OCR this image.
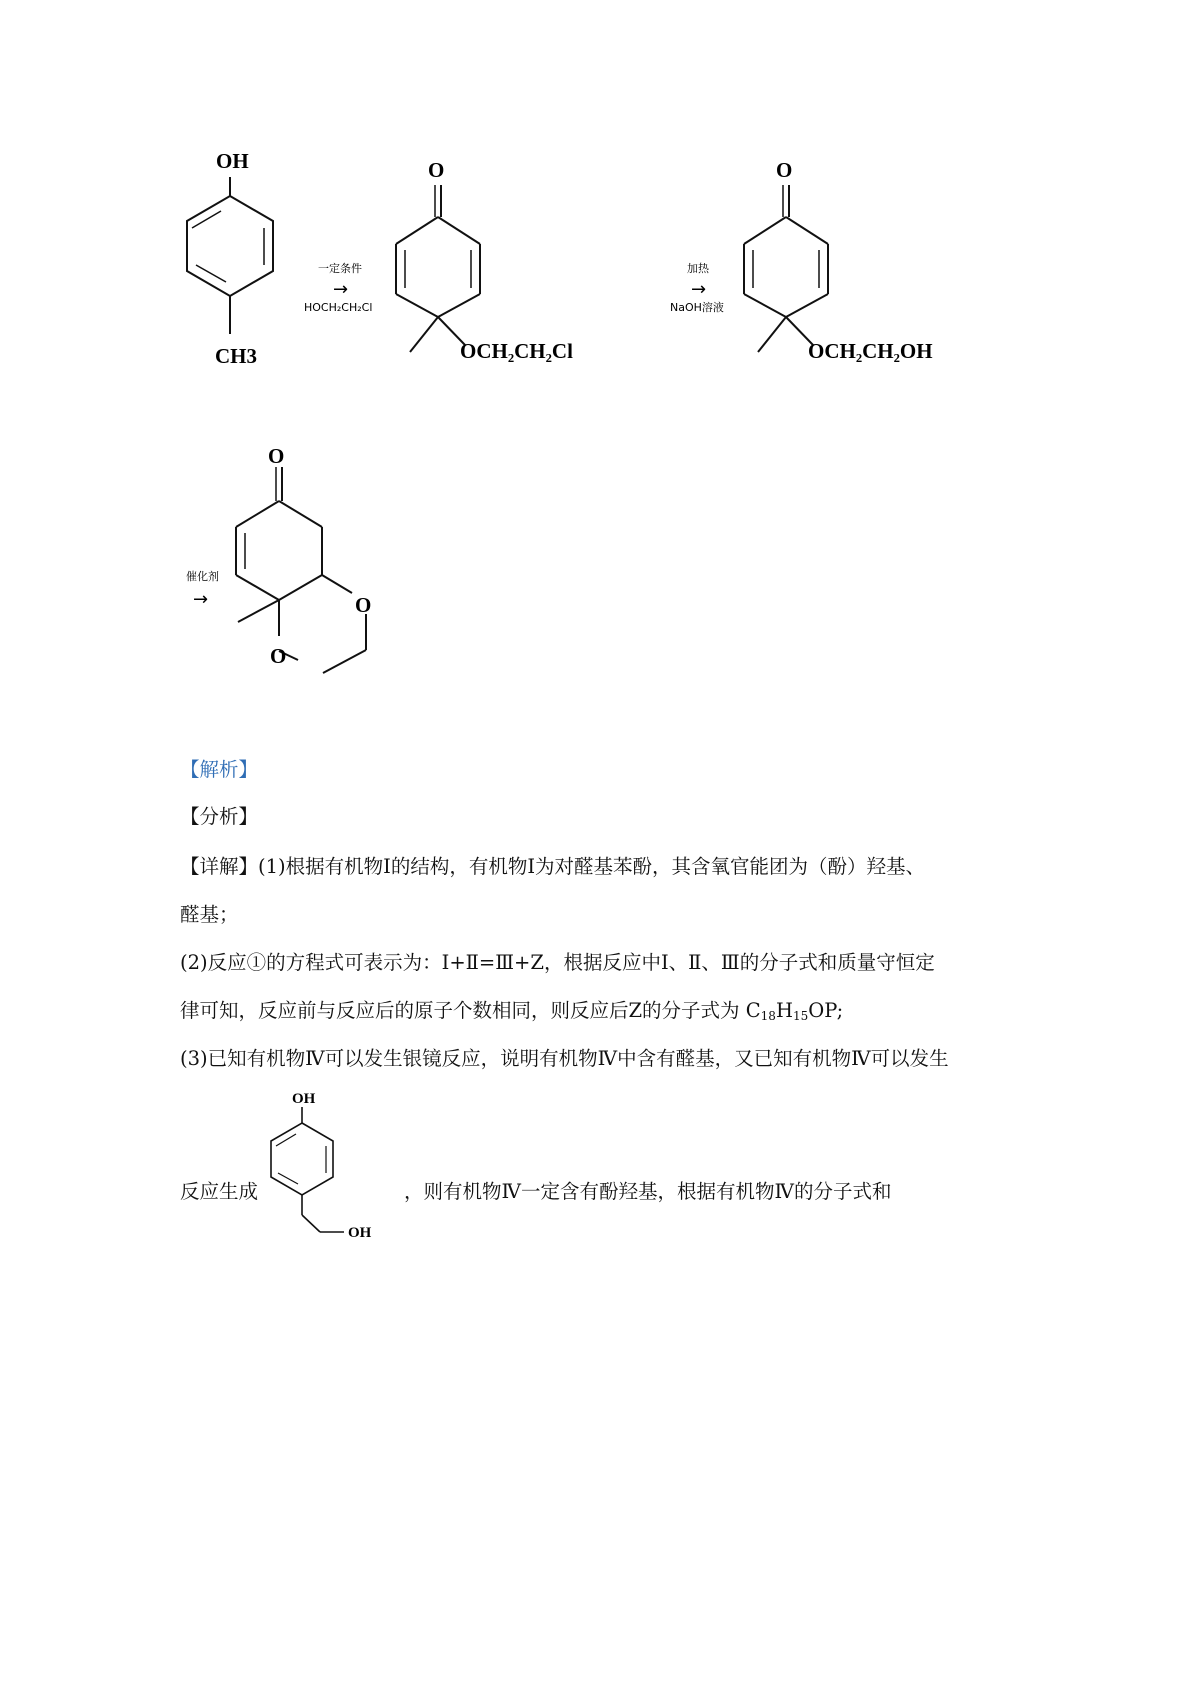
OH
CH3
O
OCH₂CH₂Cl
O
OCH₂CH₂OH
O
O
O
一定条件
→
HOCH₂CH₂Cl
加热
→
NaOH溶液
催化剂
→
【解析】
【分析】
【详解】(1)根据有机物Ⅰ的结构，有机物Ⅰ为对醛基苯酚，其含氧官能团为（酚）羟基、
醛基；
(2)反应①的方程式可表示为：Ⅰ+Ⅱ=Ⅲ+Z，根据反应中Ⅰ、Ⅱ、Ⅲ的分子式和质量守恒定
律可知，反应前与反应后的原子个数相同，则反应后Z的分子式为 $C_{18}H_{15}OP$;
(3)已知有机物Ⅳ可以发生银镜反应，说明有机物Ⅳ中含有醛基，又已知有机物Ⅳ可以发生
反应生成	，则有机物Ⅳ一定含有酚羟基，根据有机物Ⅳ的分子式和
OH
OH
